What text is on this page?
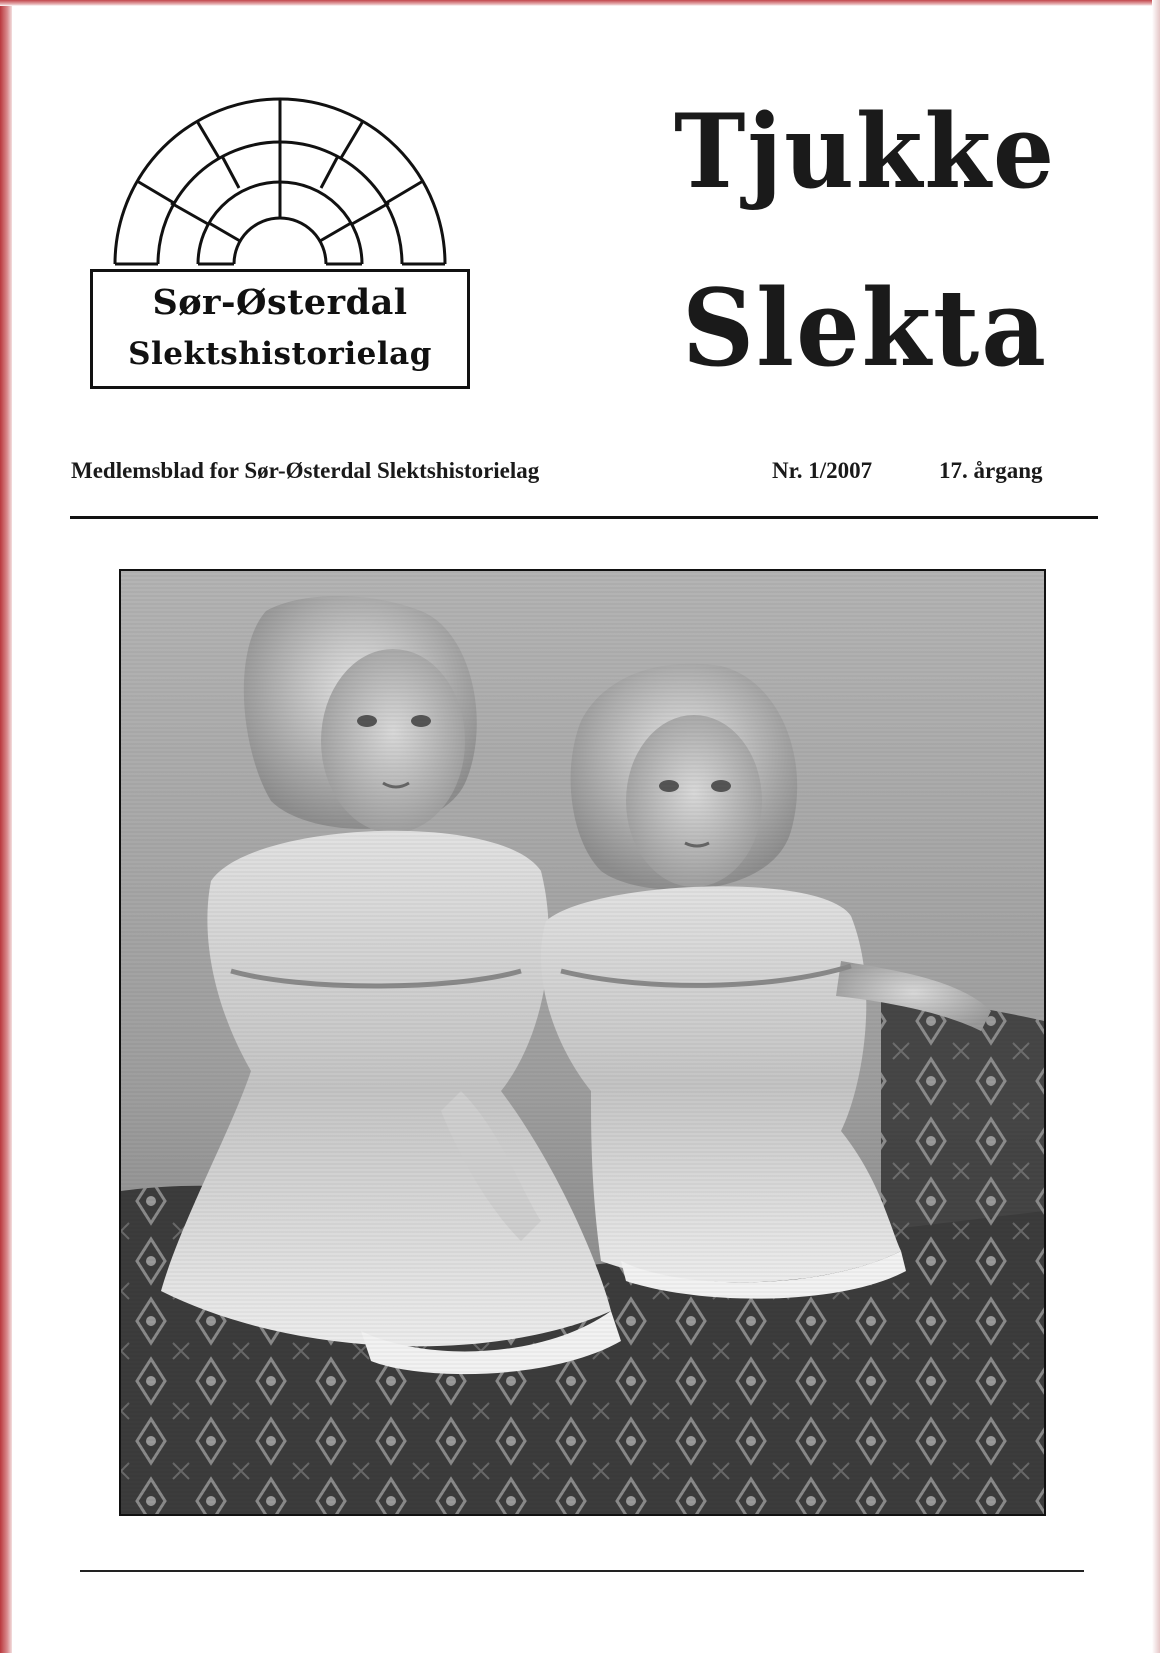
Sør-Østerdal
Slektshistorielag
Tjukke
Slekta
Medlemsblad for Sør-Østerdal Slektshistorielag	Nr. 1/2007	17. årgang
